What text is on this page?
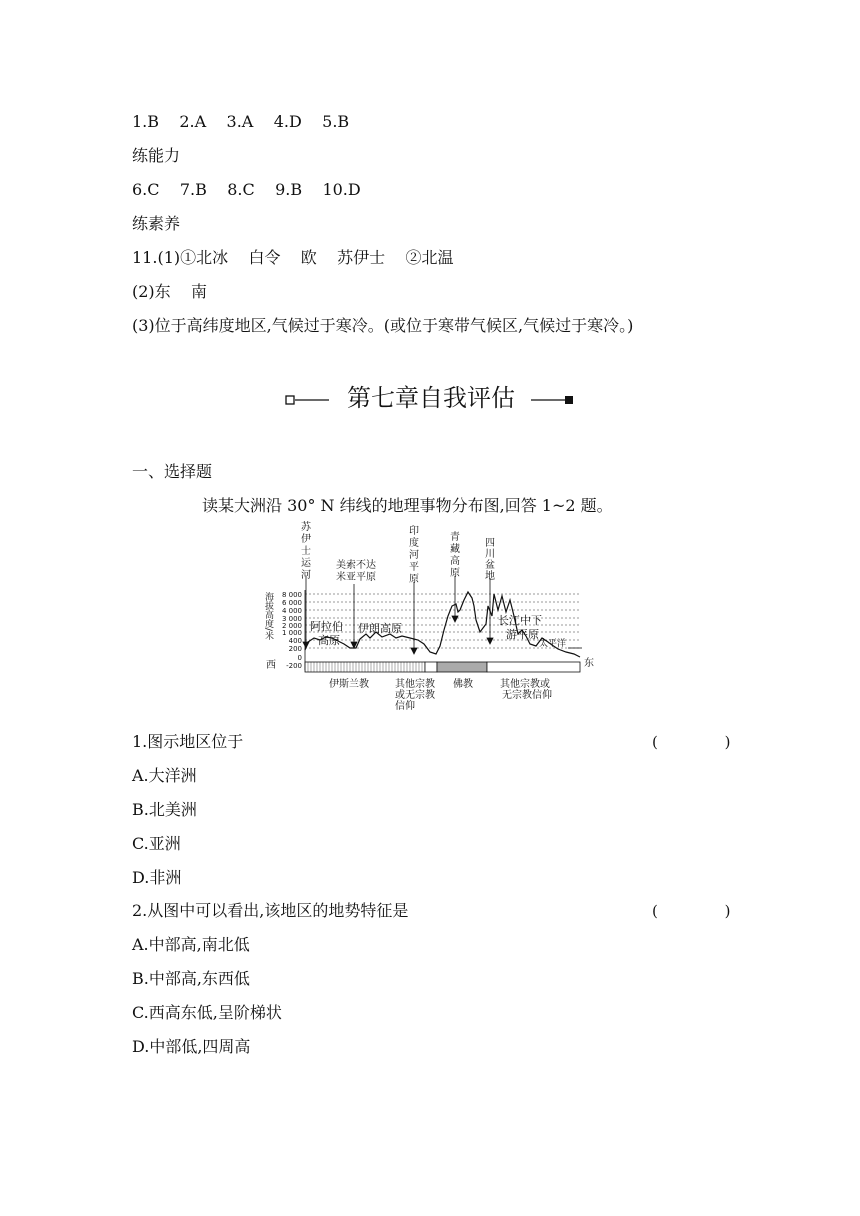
1.B    2.A    3.A    4.D    5.B
练能力
6.C    7.B    8.C    9.B    10.D
练素养
11.(1)①北冰    白令    欧    苏伊士    ②北温
(2)东    南
(3)位于高纬度地区,气候过于寒冷。(或位于寒带气候区,气候过于寒冷。)
第七章自我评估
一、选择题
读某大洲沿 30° N 纬线的地理事物分布图,回答 1~2 题。
海拔高度/米 8 000
6 000
4 000
3 000
2 000
1 000
400
200
0
-200
西	东
苏
伊
士
运
河
印
度
河
平
原
青
藏
高
原
四
川
盆
地
美索不达
米亚平原
阿拉伯
高原
伊朗高原
长江中下
游平原
太平洋
伊斯兰教	其他宗教
或无宗教
信仰
佛教	其他宗教或
无宗教信仰
1.图示地区位于	(              )
A.大洋洲
B.北美洲
C.亚洲
D.非洲
2.从图中可以看出,该地区的地势特征是	(              )
A.中部高,南北低
B.中部高,东西低
C.西高东低,呈阶梯状
D.中部低,四周高
